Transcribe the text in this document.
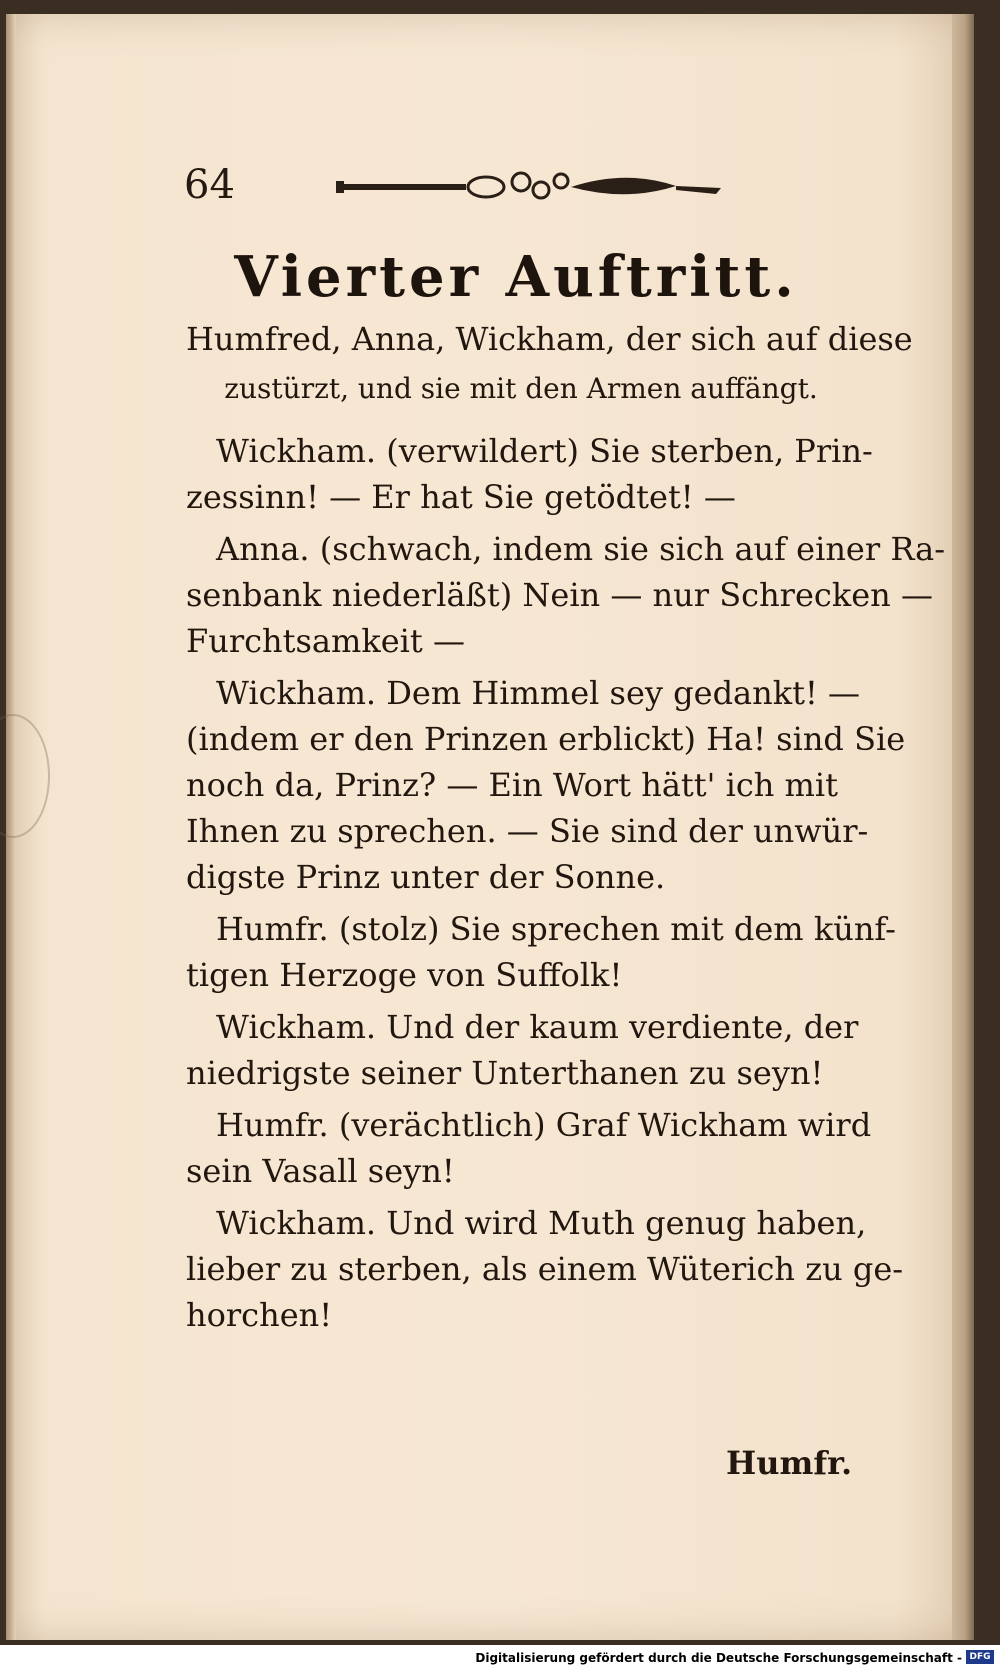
64
Vierter Auftritt.
Humfred, Anna, Wickham, der sich auf diese
zustürzt, und sie mit den Armen auffängt.
Wickham. (verwildert) Sie sterben, Prin-
zessinn! — Er hat Sie getödtet! —
Anna. (schwach, indem sie sich auf einer Ra-
senbank niederläßt) Nein — nur Schrecken —
Furchtsamkeit —
Wickham. Dem Himmel sey gedankt! —
(indem er den Prinzen erblickt) Ha! sind Sie
noch da, Prinz? — Ein Wort hätt' ich mit
Ihnen zu sprechen. — Sie sind der unwür-
digste Prinz unter der Sonne.
Humfr. (stolz) Sie sprechen mit dem künf-
tigen Herzoge von Suffolk!
Wickham. Und der kaum verdiente, der
niedrigste seiner Unterthanen zu seyn!
Humfr. (verächtlich) Graf Wickham wird
sein Vasall seyn!
Wickham. Und wird Muth genug haben,
lieber zu sterben, als einem Wüterich zu ge-
horchen!
Humfr.
Digitalisierung gefördert durch die Deutsche Forschungsgemeinschaft - DFG
